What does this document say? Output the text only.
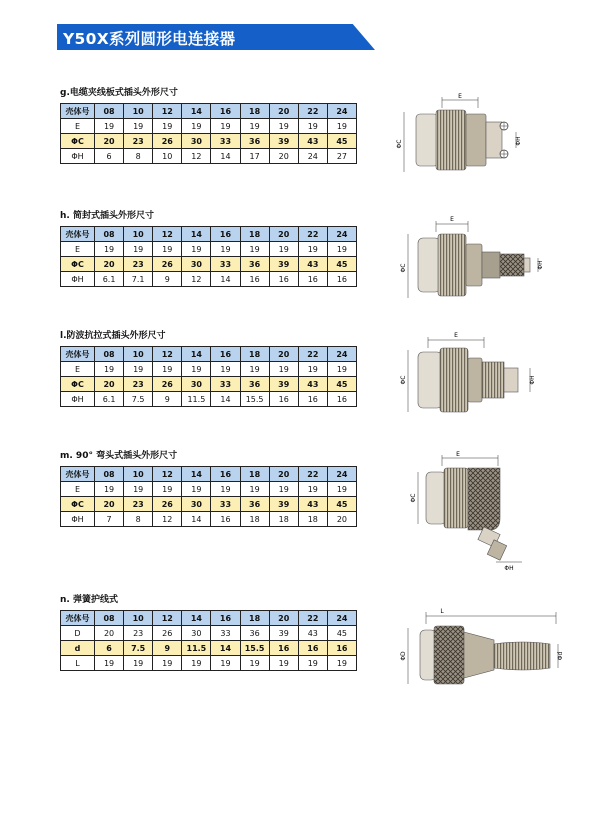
Y50X系列圆形电连接器
g.电缆夹线板式插头外形尺寸
壳体号	08	10	12	14	16	18	20	22	24
E	19	19	19	19	19	19	19	19	19
ΦC	20	23	26	30	33	36	39	43	45
ΦH	6	8	10	12	14	17	20	24	27
h. 简封式插头外形尺寸
壳体号	08	10	12	14	16	18	20	22	24
E	19	19	19	19	19	19	19	19	19
ΦC	20	23	26	30	33	36	39	43	45
ΦH	6.1	7.1	9	12	14	16	16	16	16
l.防波抗拉式插头外形尺寸
壳体号	08	10	12	14	16	18	20	22	24
E	19	19	19	19	19	19	19	19	19
ΦC	20	23	26	30	33	36	39	43	45
ΦH	6.1	7.5	9	11.5	14	15.5	16	16	16
m. 90° 弯头式插头外形尺寸
壳体号	08	10	12	14	16	18	20	22	24
E	19	19	19	19	19	19	19	19	19
ΦC	20	23	26	30	33	36	39	43	45
ΦH	7	8	12	14	16	18	18	18	20
n. 弹簧护线式
壳体号	08	10	12	14	16	18	20	22	24
D	20	23	26	30	33	36	39	43	45
d	6	7.5	9	11.5	14	15.5	16	16	16
L	19	19	19	19	19	19	19	19	19
E
ΦC	ΦH
E
ΦC	ΦH
E
ΦC	ΦH
E
ΦC
ΦH
L
ΦD	Φd
